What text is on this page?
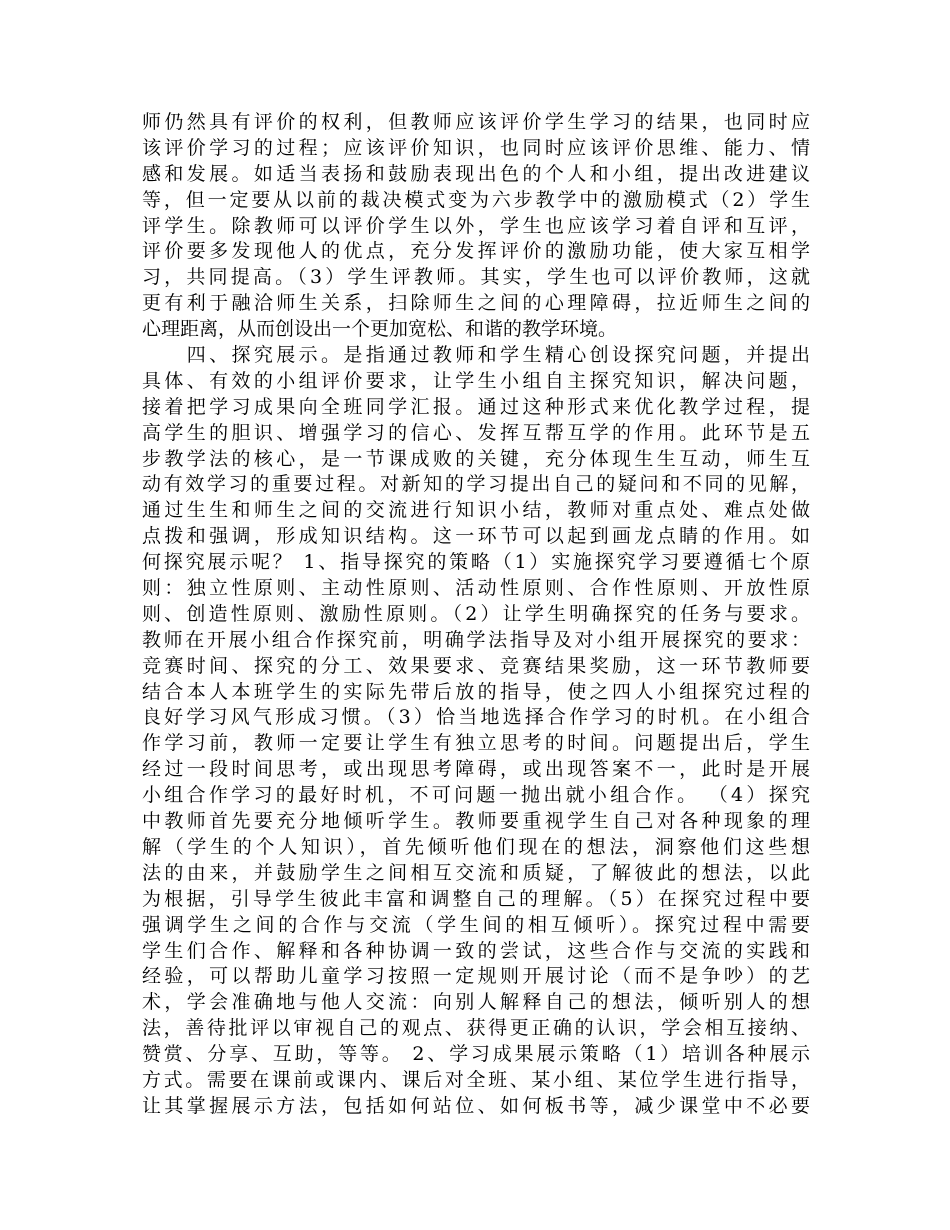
师仍然具有评价的权利，但教师应该评价学生学习的结果，也同时应
该评价学习的过程；应该评价知识，也同时应该评价思维、能力、情
感和发展。如适当表扬和鼓励表现出色的个人和小组，提出改进建议
等，但一定要从以前的裁决模式变为六步教学中的激励模式（2）学生
评学生。除教师可以评价学生以外，学生也应该学习着自评和互评，
评价要多发现他人的优点，充分发挥评价的激励功能，使大家互相学
习，共同提高。（3）学生评教师。其实，学生也可以评价教师，这就
更有利于融洽师生关系，扫除师生之间的心理障碍，拉近师生之间的
心理距离，从而创设出一个更加宽松、和谐的教学环境。
　　四、探究展示。是指通过教师和学生精心创设探究问题，并提出
具体、有效的小组评价要求，让学生小组自主探究知识，解决问题，
接着把学习成果向全班同学汇报。通过这种形式来优化教学过程，提
高学生的胆识、增强学习的信心、发挥互帮互学的作用。此环节是五
步教学法的核心，是一节课成败的关键，充分体现生生互动，师生互
动有效学习的重要过程。对新知的学习提出自己的疑问和不同的见解，
通过生生和师生之间的交流进行知识小结，教师对重点处、难点处做
点拨和强调，形成知识结构。这一环节可以起到画龙点睛的作用。如
何探究展示呢？ 1、指导探究的策略（1）实施探究学习要遵循七个原
则：独立性原则、主动性原则、活动性原则、合作性原则、开放性原
则、创造性原则、激励性原则。（2）让学生明确探究的任务与要求。
教师在开展小组合作探究前，明确学法指导及对小组开展探究的要求：
竞赛时间、探究的分工、效果要求、竞赛结果奖励，这一环节教师要
结合本人本班学生的实际先带后放的指导，使之四人小组探究过程的
良好学习风气形成习惯。（3）恰当地选择合作学习的时机。在小组合
作学习前，教师一定要让学生有独立思考的时间。问题提出后，学生
经过一段时间思考，或出现思考障碍，或出现答案不一，此时是开展
小组合作学习的最好时机，不可问题一抛出就小组合作。 （4）探究
中教师首先要充分地倾听学生。教师要重视学生自己对各种现象的理
解（学生的个人知识），首先倾听他们现在的想法，洞察他们这些想
法的由来，并鼓励学生之间相互交流和质疑，了解彼此的想法，以此
为根据，引导学生彼此丰富和调整自己的理解。（5）在探究过程中要
强调学生之间的合作与交流（学生间的相互倾听）。探究过程中需要
学生们合作、解释和各种协调一致的尝试，这些合作与交流的实践和
经验，可以帮助儿童学习按照一定规则开展讨论（而不是争吵）的艺
术，学会准确地与他人交流：向别人解释自己的想法，倾听别人的想
法，善待批评以审视自己的观点、获得更正确的认识，学会相互接纳、
赞赏、分享、互助，等等。 2、学习成果展示策略（1）培训各种展示
方式。需要在课前或课内、课后对全班、某小组、某位学生进行指导，
让其掌握展示方法，包括如何站位、如何板书等，减少课堂中不必要
